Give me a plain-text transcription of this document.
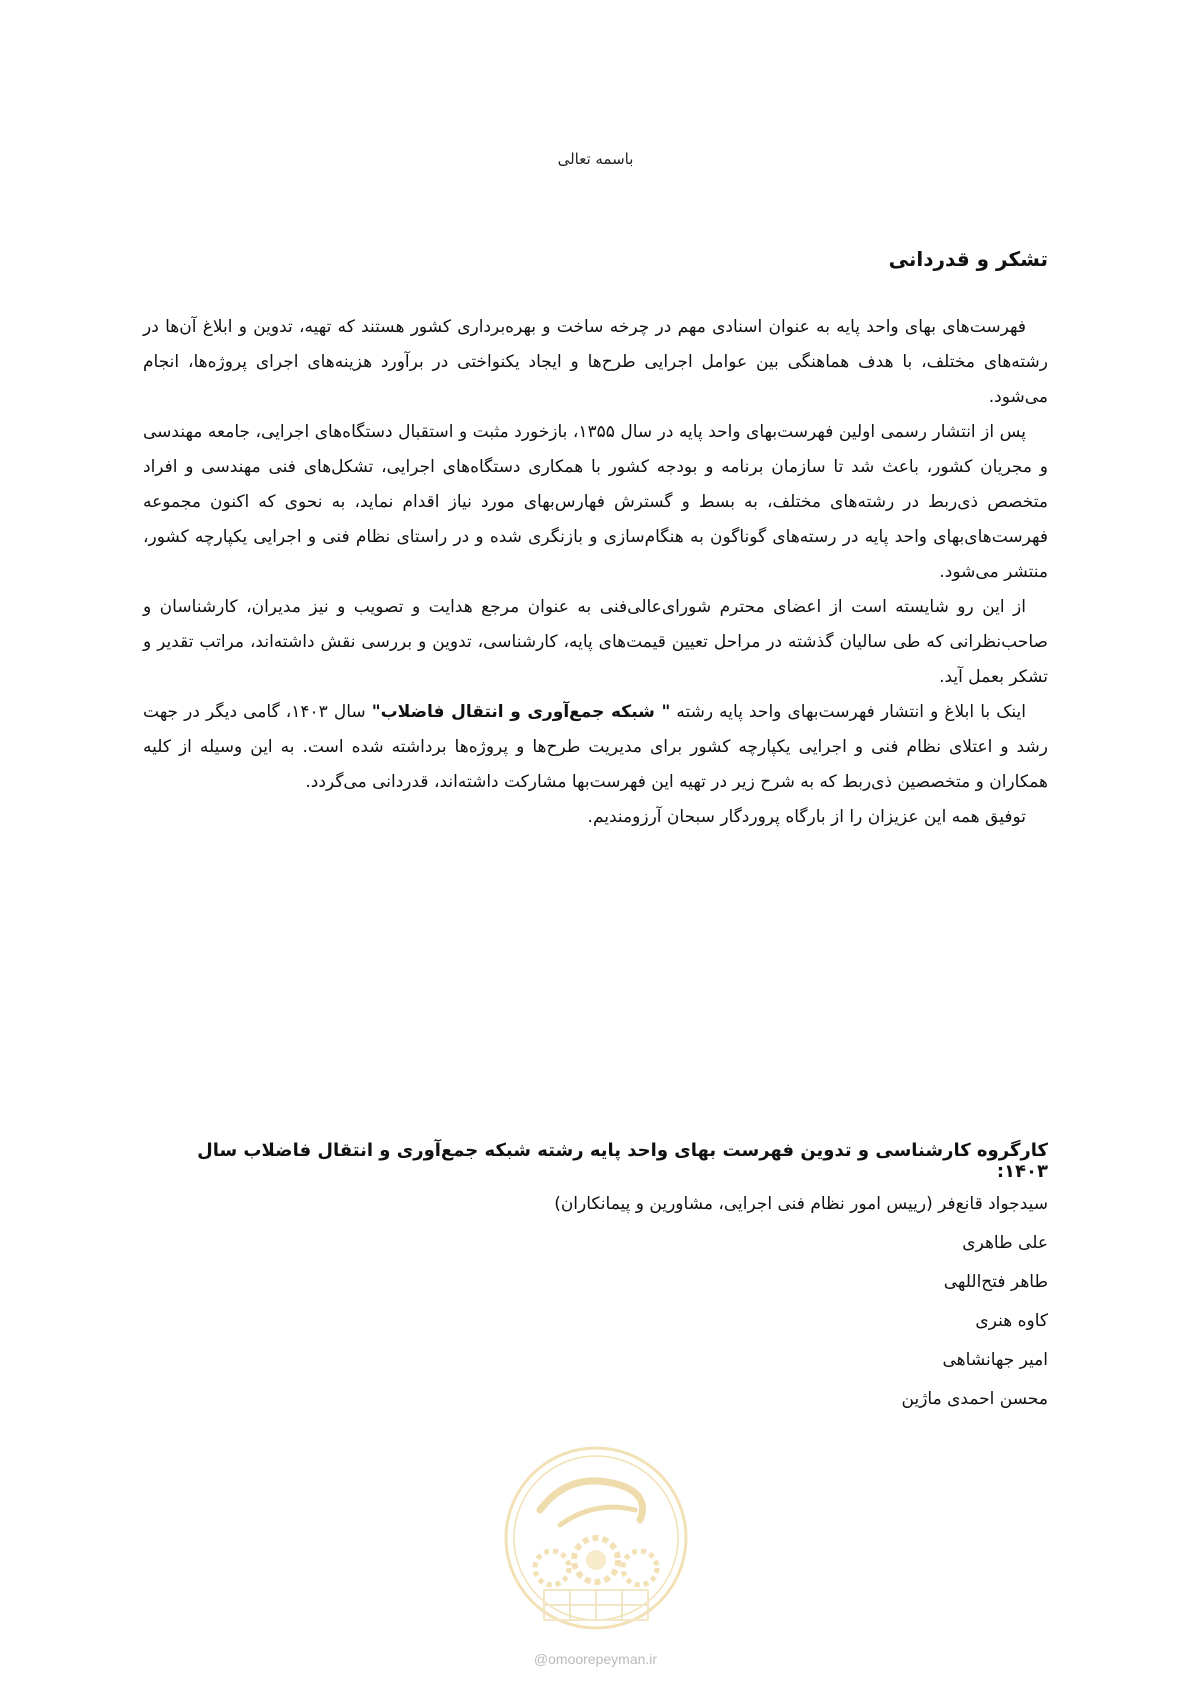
باسمه تعالی
تشکر و قدردانی

فهرست‌های بهای واحد پایه به عنوان اسنادی مهم در چرخه ساخت و بهره‌برداری کشور هستند که تهیه، تدوین و ابلاغ آن‌ها در رشته‌های مختلف، با هدف هماهنگی بین عوامل اجرایی طرح‌ها و ایجاد یکنواختی در برآورد هزینه‌های اجرای پروژه‌ها، انجام می‌شود.

پس از انتشار رسمی اولین فهرست‌بهای واحد پایه در سال ۱۳۵۵، بازخورد مثبت و استقبال دستگاه‌های اجرایی، جامعه مهندسی و مجریان کشور، باعث شد تا سازمان برنامه و بودجه کشور با همکاری دستگاه‌های اجرایی، تشکل‌های فنی مهندسی و افراد متخصص ذی‌ربط در رشته‌های مختلف، به بسط و گسترش فهارس‌بهای مورد نیاز اقدام نماید، به نحوی که اکنون مجموعه فهرست‌های‌بهای واحد پایه در رسته‌های گوناگون به هنگام‌سازی و بازنگری شده و در راستای نظام فنی و اجرایی یکپارچه کشور، منتشر می‌شود.

از این رو شایسته است از اعضای محترم شورای‌عالی‌فنی به عنوان مرجع هدایت و تصویب و نیز مدیران، کارشناسان و صاحب‌نظرانی که طی سالیان گذشته در مراحل تعیین قیمت‌های پایه، کارشناسی، تدوین و بررسی نقش داشته‌اند، مراتب تقدیر و تشکر بعمل آید.

اینک با ابلاغ و انتشار فهرست‌بهای واحد پایه رشته " شبکه جمع‌آوری و انتقال فاضلاب" سال ۱۴۰۳، گامی دیگر در جهت رشد و اعتلای نظام فنی و اجرایی یکپارچه کشور برای مدیریت طرح‌ها و پروژه‌ها برداشته شده است. به این وسیله از کلیه همکاران و متخصصین ذی‌ربط که به شرح زیر در تهیه این فهرست‌بها مشارکت داشته‌اند، قدردانی می‌گردد.

توفیق همه این عزیزان را از بارگاه پروردگار سبحان آرزومندیم.

کارگروه کارشناسی و تدوین فهرست بهای واحد پایه رشته شبکه جمع‌آوری و انتقال فاضلاب سال ۱۴۰۳:
سیدجواد قانع‌فر (رییس امور نظام فنی اجرایی، مشاورین و پیمانکاران)
علی طاهری
طاهر فتح‌اللهی
کاوه هنری
امیر جهانشاهی
محسن احمدی ماژین
@omoorepeyman.ir
